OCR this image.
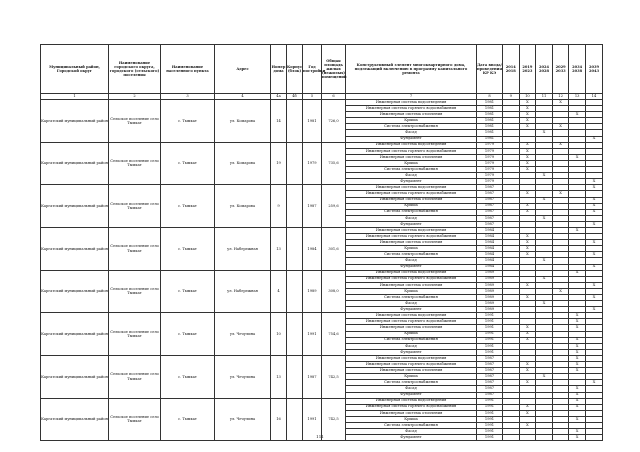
Муниципальный район, Городской округ	Наименование городского округа, городского (сельского) поселения	Наименование населенного пункта	Адрес	Номер дома	Корпус (блок)	Год постройки	Общая площадь жилых (нежилых) помещений	Конструктивный элемент многоквартирного дома, подлежащий включению в программу капитального ремонта	Дата ввода/ проведения КР КЭ	2014 2018	2019 2023	2024 2028	2029 2033	2034 2038	2039 2043
1	2	3	4	4a	4б	5	6	7	8	9	10	11	12	13	14
Каргатский муниципальный район	Сельское поселение село Тымкат	с. Тымкат	ул. Комарова	14		1981	726,0	Инженерная система водоотведения	1981		X		X		
								Инженерная система горячего водоснабжения	1981		X				
								Инженерная система отопления	1981		X			X	
								Крыша	1981		X				
								Система электроснабжения	1981		X		X		
								Фасад	1981			X			
								Фундамент	1981						X
Каргатский муниципальный район	Сельское поселение село Тымкат	с. Тымкат	ул. Комарова	19		1979	735,6	Инженерная система водоотведения	1979		X		X		
								Инженерная система горячего водоснабжения	1979		X				
								Инженерная система отопления	1979		X			X	
								Крыша	1979		X				
								Система электроснабжения	1979		X				
								Фасад	1979			X			
								Фундамент	1979						X
Каргатский муниципальный район	Сельское поселение село Тымкат	с. Тымкат	ул. Комарова	9		1987	259,6	Инженерная система водоотведения	1987						X
								Инженерная система горячего водоснабжения	1987		X		X		
								Инженерная система отопления	1987			X			X
								Крыша	1987		X				X
								Система электроснабжения	1987		X				X
								Фасад	1987			X			
								Фундамент	1987						X
Каргатский муниципальный район	Сельское поселение село Тымкат	с. Тымкат	ул. Набережная	13		1984	301,6	Инженерная система водоотведения	1984					X	
								Инженерная система горячего водоснабжения	1984		X				
								Инженерная система отопления	1984		X				X
								Крыша	1984		X				
								Система электроснабжения	1984		X				X
								Фасад	1984			X			
								Фундамент	1984						X
Каргатский муниципальный район	Сельское поселение село Тымкат	с. Тымкат	ул. Набережная	4		1989	308,0	Инженерная система водоотведения	1989					X	
								Инженерная система горячего водоснабжения	1989			X			
								Инженерная система отопления	1989		X				X
								Крыша	1989				X		
								Система электроснабжения	1989		X				X
								Фасад	1989			X			
								Фундамент	1989						X
Каргатский муниципальный район	Сельское поселение село Тымкат	с. Тымкат	ул. Чечулина	10		1991	754,6	Инженерная система водоотведения	1991					X	
								Инженерная система горячего водоснабжения	1991					X	
								Инженерная система отопления	1991		X			X	
								Крыша	1991		X				
								Система электроснабжения	1991		X			X	
								Фасад	1991					X	
								Фундамент	1991					X	
Каргатский муниципальный район	Сельское поселение село Тымкат	с. Тымкат	ул. Чечулина	13		1987	742,5	Инженерная система водоотведения	1987					X	
								Инженерная система горячего водоснабжения	1987		X			X	
								Инженерная система отопления	1987		X			X	
								Крыша	1987			X			
								Система электроснабжения	1987		X				X
								Фасад	1987					X	
								Фундамент	1987					X	
Каргатский муниципальный район	Сельское поселение село Тымкат	с. Тымкат	ул. Чечулина	16		1991	742,5	Инженерная система водоотведения	1991					X	
								Инженерная система горячего водоснабжения	1991		X			X	
								Инженерная система отопления	1991		X				
								Крыша	1991					X	
								Система электроснабжения	1991		X				
								Фасад	1991					X	
								Фундамент	1991					X	
111
